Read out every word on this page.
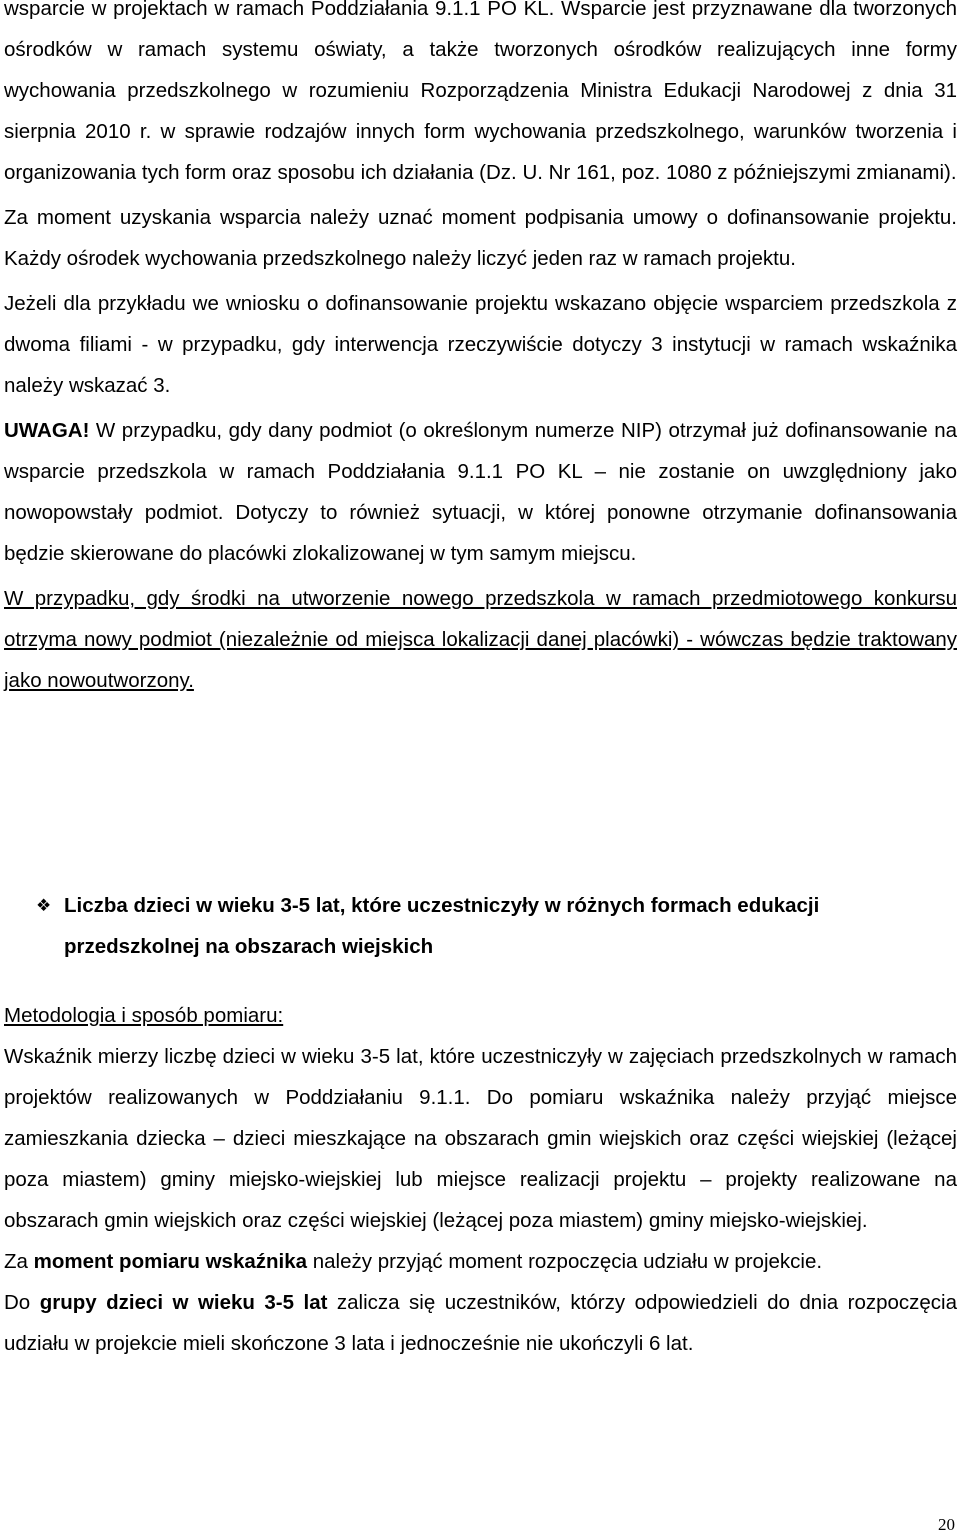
wsparcie w projektach w ramach Poddziałania 9.1.1 PO KL. Wsparcie jest przyznawane dla tworzonych ośrodków w ramach systemu oświaty, a także tworzonych ośrodków realizujących inne formy wychowania przedszkolnego w rozumieniu Rozporządzenia Ministra Edukacji Narodowej z dnia 31 sierpnia 2010 r. w sprawie rodzajów innych form wychowania przedszkolnego, warunków tworzenia i organizowania tych form oraz sposobu ich działania (Dz. U. Nr 161, poz. 1080 z późniejszymi zmianami).

Za moment uzyskania wsparcia należy uznać moment podpisania umowy o dofinansowanie projektu. Każdy ośrodek wychowania przedszkolnego należy liczyć jeden raz w ramach projektu.

Jeżeli dla przykładu we wniosku o dofinansowanie projektu wskazano objęcie wsparciem przedszkola z dwoma filiami - w przypadku, gdy interwencja rzeczywiście dotyczy 3 instytucji w ramach wskaźnika należy wskazać 3.

UWAGA! W przypadku, gdy dany podmiot (o określonym numerze NIP) otrzymał już dofinansowanie na wsparcie przedszkola w ramach Poddziałania 9.1.1 PO KL – nie zostanie on uwzględniony jako nowopowstały podmiot. Dotyczy to również sytuacji, w której ponowne otrzymanie dofinansowania będzie skierowane do placówki zlokalizowanej w tym samym miejscu.

W przypadku, gdy środki na utworzenie nowego przedszkola w ramach przedmiotowego konkursu otrzyma nowy podmiot (niezależnie od miejsca lokalizacji danej placówki) - wówczas będzie traktowany jako nowoutworzony.

❖ Liczba dzieci w wieku 3-5 lat, które uczestniczyły w różnych formach edukacji przedszkolnej na obszarach wiejskich

Metodologia i sposób pomiaru:

Wskaźnik mierzy liczbę dzieci w wieku 3-5 lat, które uczestniczyły w zajęciach przedszkolnych w ramach projektów realizowanych w Poddziałaniu 9.1.1. Do pomiaru wskaźnika należy przyjąć miejsce zamieszkania dziecka – dzieci mieszkające na obszarach gmin wiejskich oraz części wiejskiej (leżącej poza miastem) gminy miejsko-wiejskiej lub miejsce realizacji projektu – projekty realizowane na obszarach gmin wiejskich oraz części wiejskiej (leżącej poza miastem) gminy miejsko-wiejskiej.

Za moment pomiaru wskaźnika należy przyjąć moment rozpoczęcia udziału w projekcie.

Do grupy dzieci w wieku 3-5 lat zalicza się uczestników, którzy odpowiedzieli do dnia rozpoczęcia udziału w projekcie mieli skończone 3 lata i jednocześnie nie ukończyli 6 lat.

20
